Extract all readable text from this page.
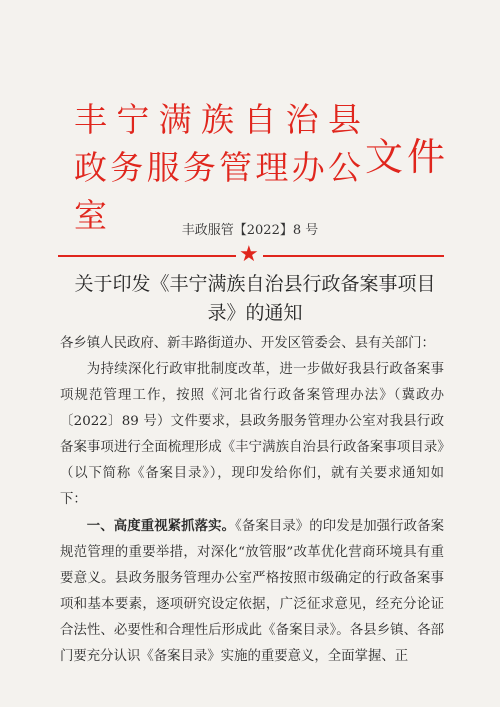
丰宁满族自治县
政务服务管理办公室
文件
丰政服管【2022】8 号
★
关于印发《丰宁满族自治县行政备案事项目
录》的通知

各乡镇人民政府、新丰路街道办、开发区管委会、县有关部门：

为持续深化行政审批制度改革，进一步做好我县行政备案事项规范管理工作，按照《河北省行政备案管理办法》（冀政办〔2022〕89 号）文件要求，县政务服务管理办公室对我县行政备案事项进行全面梳理形成《丰宁满族自治县行政备案事项目录》（以下简称《备案目录》），现印发给你们，就有关要求通知如下：

一、高度重视紧抓落实。《备案目录》的印发是加强行政备案规范管理的重要举措，对深化“放管服”改革优化营商环境具有重要意义。县政务服务管理办公室严格按照市级确定的行政备案事项和基本要素，逐项研究设定依据，广泛征求意见，经充分论证合法性、必要性和合理性后形成此《备案目录》。各县乡镇、各部门要充分认识《备案目录》实施的重要意义，全面掌握、正
